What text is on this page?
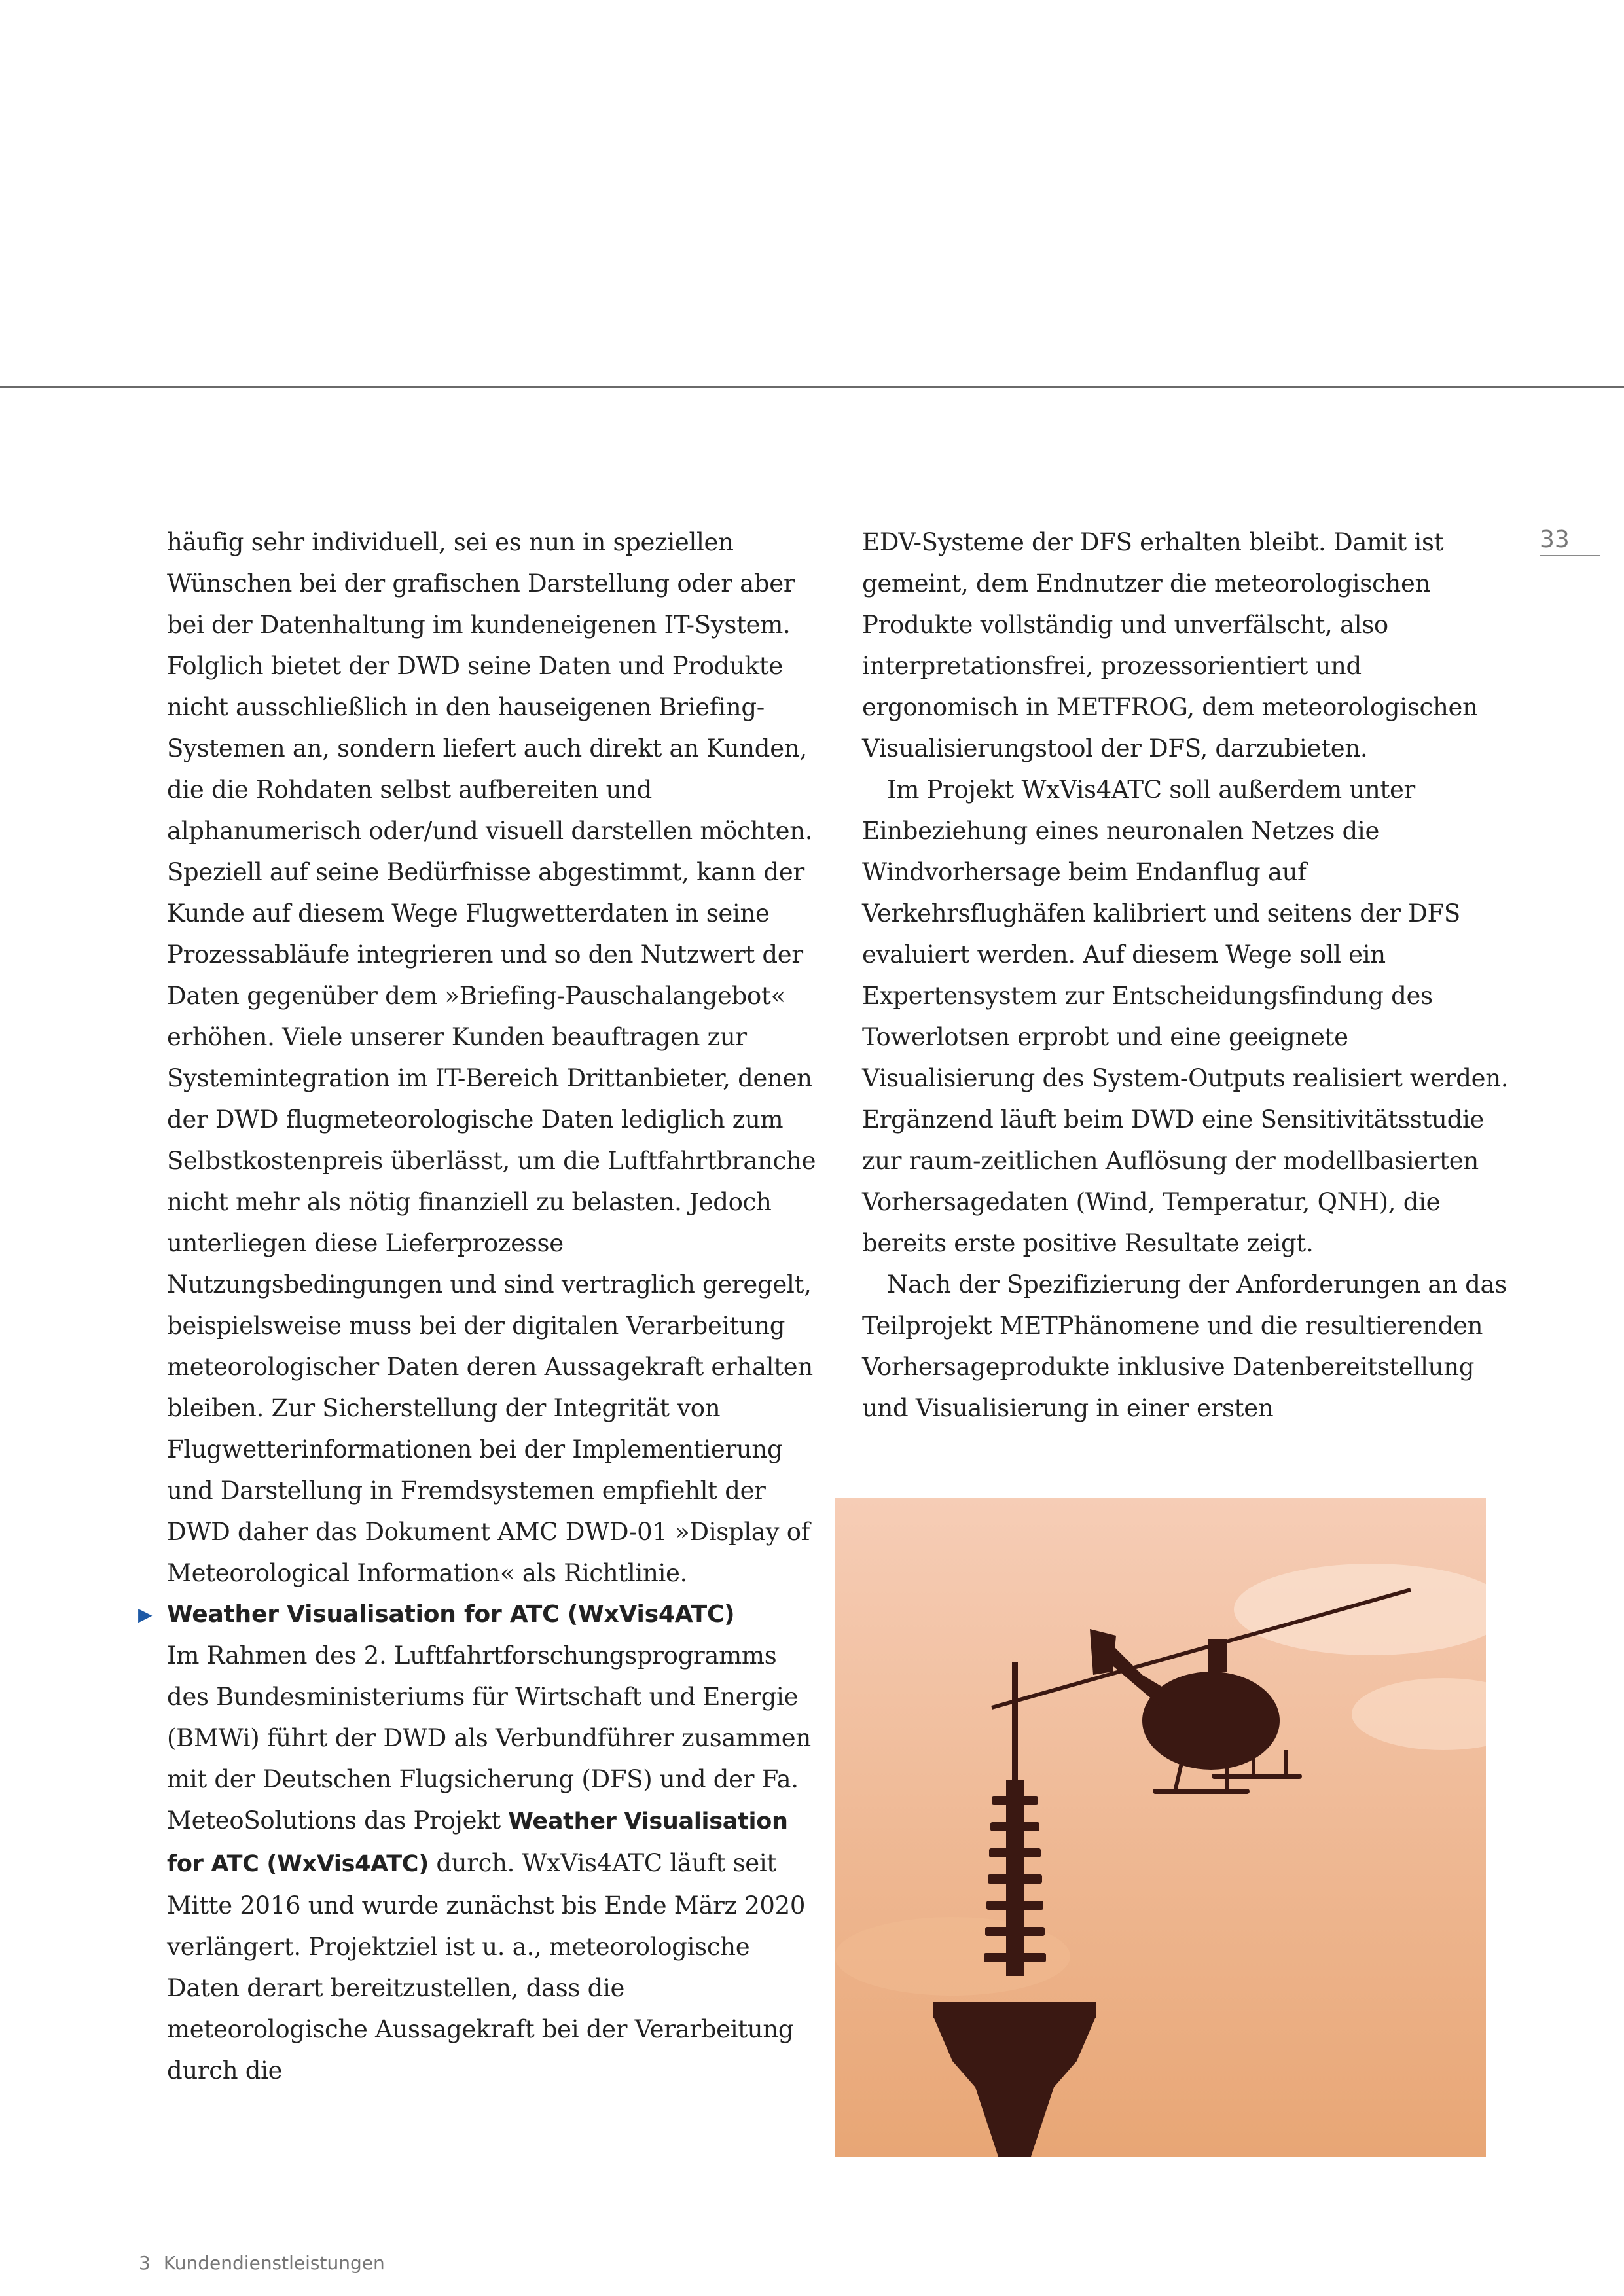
33

häufig sehr individuell, sei es nun in speziellen Wünschen bei der grafischen Darstellung oder aber bei der Datenhaltung im kundeneigenen IT-System. Folglich bietet der DWD seine Daten und Produkte nicht ausschließlich in den hauseigenen Briefing-Systemen an, sondern liefert auch direkt an Kunden, die die Rohdaten selbst aufbereiten und alphanumerisch oder/und visuell darstellen möchten. Speziell auf seine Bedürfnisse abgestimmt, kann der Kunde auf diesem Wege Flugwetterdaten in seine Prozessabläufe integrieren und so den Nutzwert der Daten gegenüber dem »Briefing-Pauschalangebot« erhöhen. Viele unserer Kunden beauftragen zur Systemintegration im IT-Bereich Drittanbieter, denen der DWD flugmeteorologische Daten lediglich zum Selbstkostenpreis überlässt, um die Luftfahrtbranche nicht mehr als nötig finanziell zu belasten. Jedoch unterliegen diese Lieferprozesse Nutzungsbedingungen und sind vertraglich geregelt, beispielsweise muss bei der digitalen Verarbeitung meteorologischer Daten deren Aussagekraft erhalten bleiben. Zur Sicherstellung der Integrität von Flugwetterinformationen bei der Implementierung und Darstellung in Fremdsystemen empfiehlt der DWD daher das Dokument AMC DWD-01 »Display of Meteorological Information« als Richtlinie.

▶ Weather Visualisation for ATC (WxVis4ATC)

Im Rahmen des 2. Luftfahrtforschungsprogramms des Bundesministeriums für Wirtschaft und Energie (BMWi) führt der DWD als Verbundführer zusammen mit der Deutschen Flugsicherung (DFS) und der Fa. MeteoSolutions das Projekt Weather Visualisation for ATC (WxVis4ATC) durch. WxVis4ATC läuft seit Mitte 2016 und wurde zunächst bis Ende März 2020 verlängert. Projektziel ist u. a., meteorologische Daten derart bereitzustellen, dass die meteorologische Aussagekraft bei der Verarbeitung durch die

EDV-Systeme der DFS erhalten bleibt. Damit ist gemeint, dem Endnutzer die meteorologischen Produkte vollständig und unverfälscht, also interpretationsfrei, prozessorientiert und ergonomisch in METFROG, dem meteorologischen Visualisierungstool der DFS, darzubieten.

Im Projekt WxVis4ATC soll außerdem unter Einbeziehung eines neuronalen Netzes die Windvorhersage beim Endanflug auf Verkehrsflughäfen kalibriert und seitens der DFS evaluiert werden. Auf diesem Wege soll ein Expertensystem zur Entscheidungsfindung des Towerlotsen erprobt und eine geeignete Visualisierung des System-Outputs realisiert werden. Ergänzend läuft beim DWD eine Sensitivitätsstudie zur raum-zeitlichen Auflösung der modellbasierten Vorhersagedaten (Wind, Temperatur, QNH), die bereits erste positive Resultate zeigt.

Nach der Spezifizierung der Anforderungen an das Teilprojekt METPhänomene und die resultierenden Vorhersageprodukte inklusive Datenbereitstellung und Visualisierung in einer ersten

3 Kundendienstleistungen
